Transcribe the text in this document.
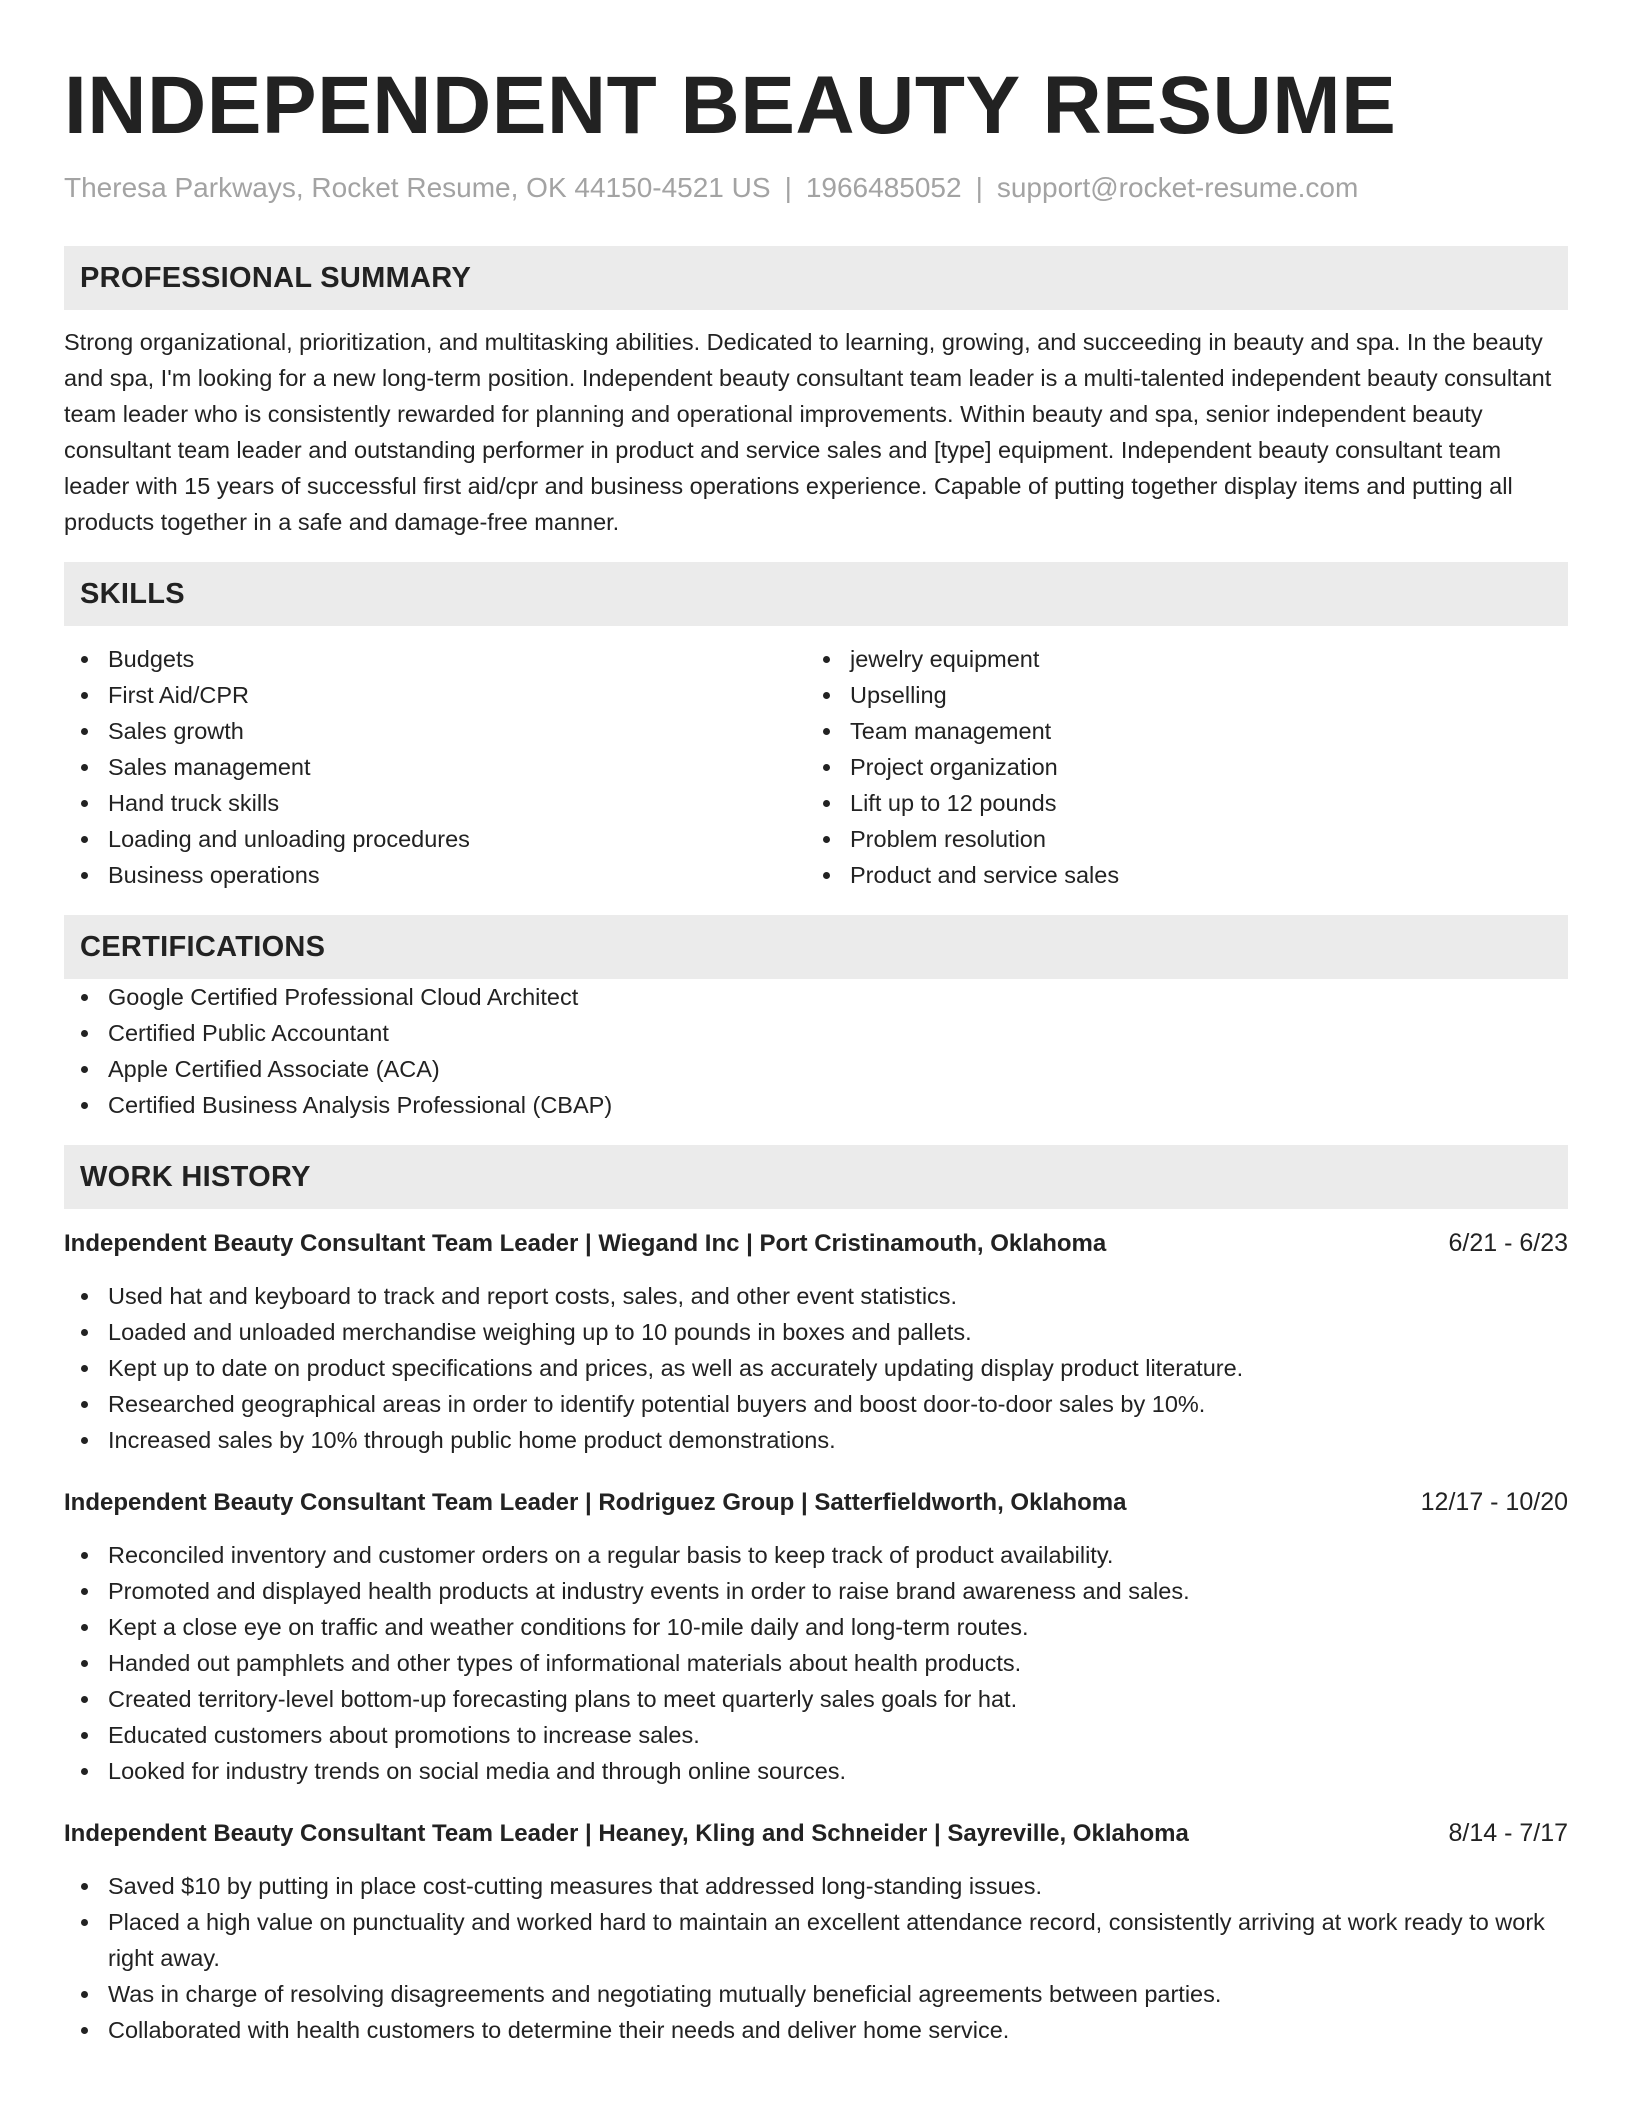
INDEPENDENT BEAUTY RESUME
Theresa Parkways, Rocket Resume, OK 44150-4521 US | 1966485052 | support@rocket-resume.com
PROFESSIONAL SUMMARY

Strong organizational, prioritization, and multitasking abilities. Dedicated to learning, growing, and succeeding in beauty and spa. In the beauty and spa, I'm looking for a new long-term position. Independent beauty consultant team leader is a multi-talented independent beauty consultant team leader who is consistently rewarded for planning and operational improvements. Within beauty and spa, senior independent beauty consultant team leader and outstanding performer in product and service sales and [type] equipment. Independent beauty consultant team leader with 15 years of successful first aid/cpr and business operations experience. Capable of putting together display items and putting all products together in a safe and damage-free manner.

SKILLS
Budgets
First Aid/CPR
Sales growth
Sales management
Hand truck skills
Loading and unloading procedures
Business operations
jewelry equipment
Upselling
Team management
Project organization
Lift up to 12 pounds
Problem resolution
Product and service sales
CERTIFICATIONS
Google Certified Professional Cloud Architect
Certified Public Accountant
Apple Certified Associate (ACA)
Certified Business Analysis Professional (CBAP)
WORK HISTORY
Independent Beauty Consultant Team Leader | Wiegand Inc | Port Cristinamouth, Oklahoma	6/21 - 6/23
Used hat and keyboard to track and report costs, sales, and other event statistics.
Loaded and unloaded merchandise weighing up to 10 pounds in boxes and pallets.
Kept up to date on product specifications and prices, as well as accurately updating display product literature.
Researched geographical areas in order to identify potential buyers and boost door-to-door sales by 10%.
Increased sales by 10% through public home product demonstrations.
Independent Beauty Consultant Team Leader | Rodriguez Group | Satterfieldworth, Oklahoma	12/17 - 10/20
Reconciled inventory and customer orders on a regular basis to keep track of product availability.
Promoted and displayed health products at industry events in order to raise brand awareness and sales.
Kept a close eye on traffic and weather conditions for 10-mile daily and long-term routes.
Handed out pamphlets and other types of informational materials about health products.
Created territory-level bottom-up forecasting plans to meet quarterly sales goals for hat.
Educated customers about promotions to increase sales.
Looked for industry trends on social media and through online sources.
Independent Beauty Consultant Team Leader | Heaney, Kling and Schneider | Sayreville, Oklahoma	8/14 - 7/17
Saved $10 by putting in place cost-cutting measures that addressed long-standing issues.
Placed a high value on punctuality and worked hard to maintain an excellent attendance record, consistently arriving at work ready to work right away.
Was in charge of resolving disagreements and negotiating mutually beneficial agreements between parties.
Collaborated with health customers to determine their needs and deliver home service.
